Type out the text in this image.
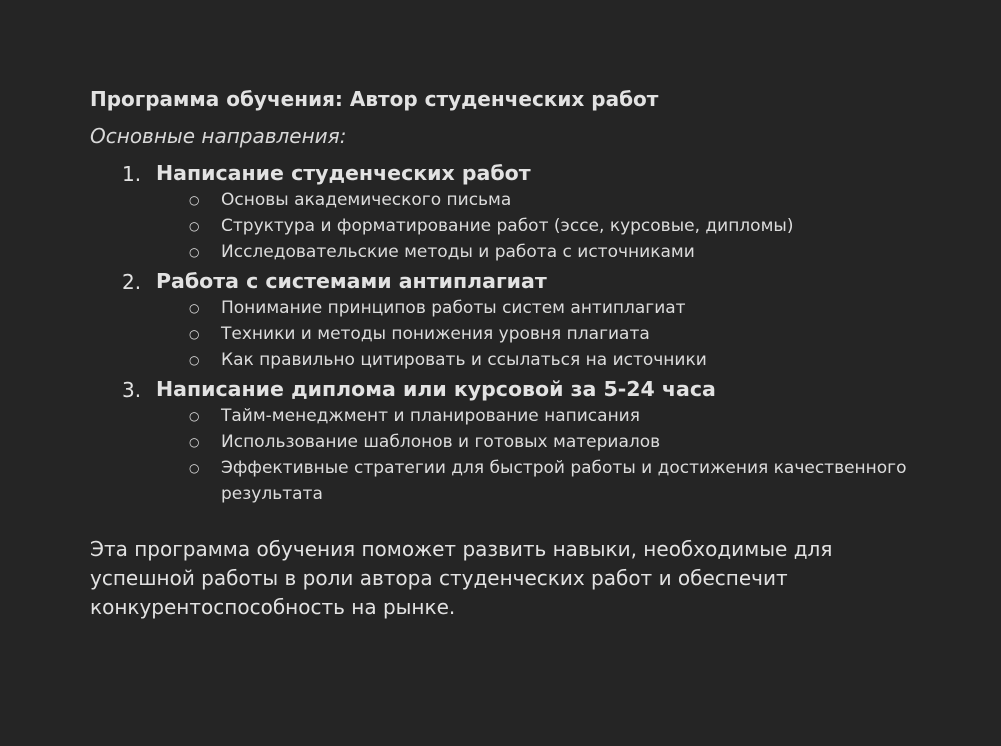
Программа обучения: Автор студенческих работ
Основные направления:
1. Написание студенческих работ
○ Основы академического письма
○ Структура и форматирование работ (эссе, курсовые, дипломы)
○ Исследовательские методы и работа с источниками
2. Работа с системами антиплагиат
○ Понимание принципов работы систем антиплагиат
○ Техники и методы понижения уровня плагиата
○ Как правильно цитировать и ссылаться на источники
3. Написание диплома или курсовой за 5-24 часа
○ Тайм-менеджмент и планирование написания
○ Использование шаблонов и готовых материалов
○ Эффективные стратегии для быстрой работы и достижения качественного
результата
Эта программа обучения поможет развить навыки, необходимые для
успешной работы в роли автора студенческих работ и обеспечит
конкурентоспособность на рынке.
